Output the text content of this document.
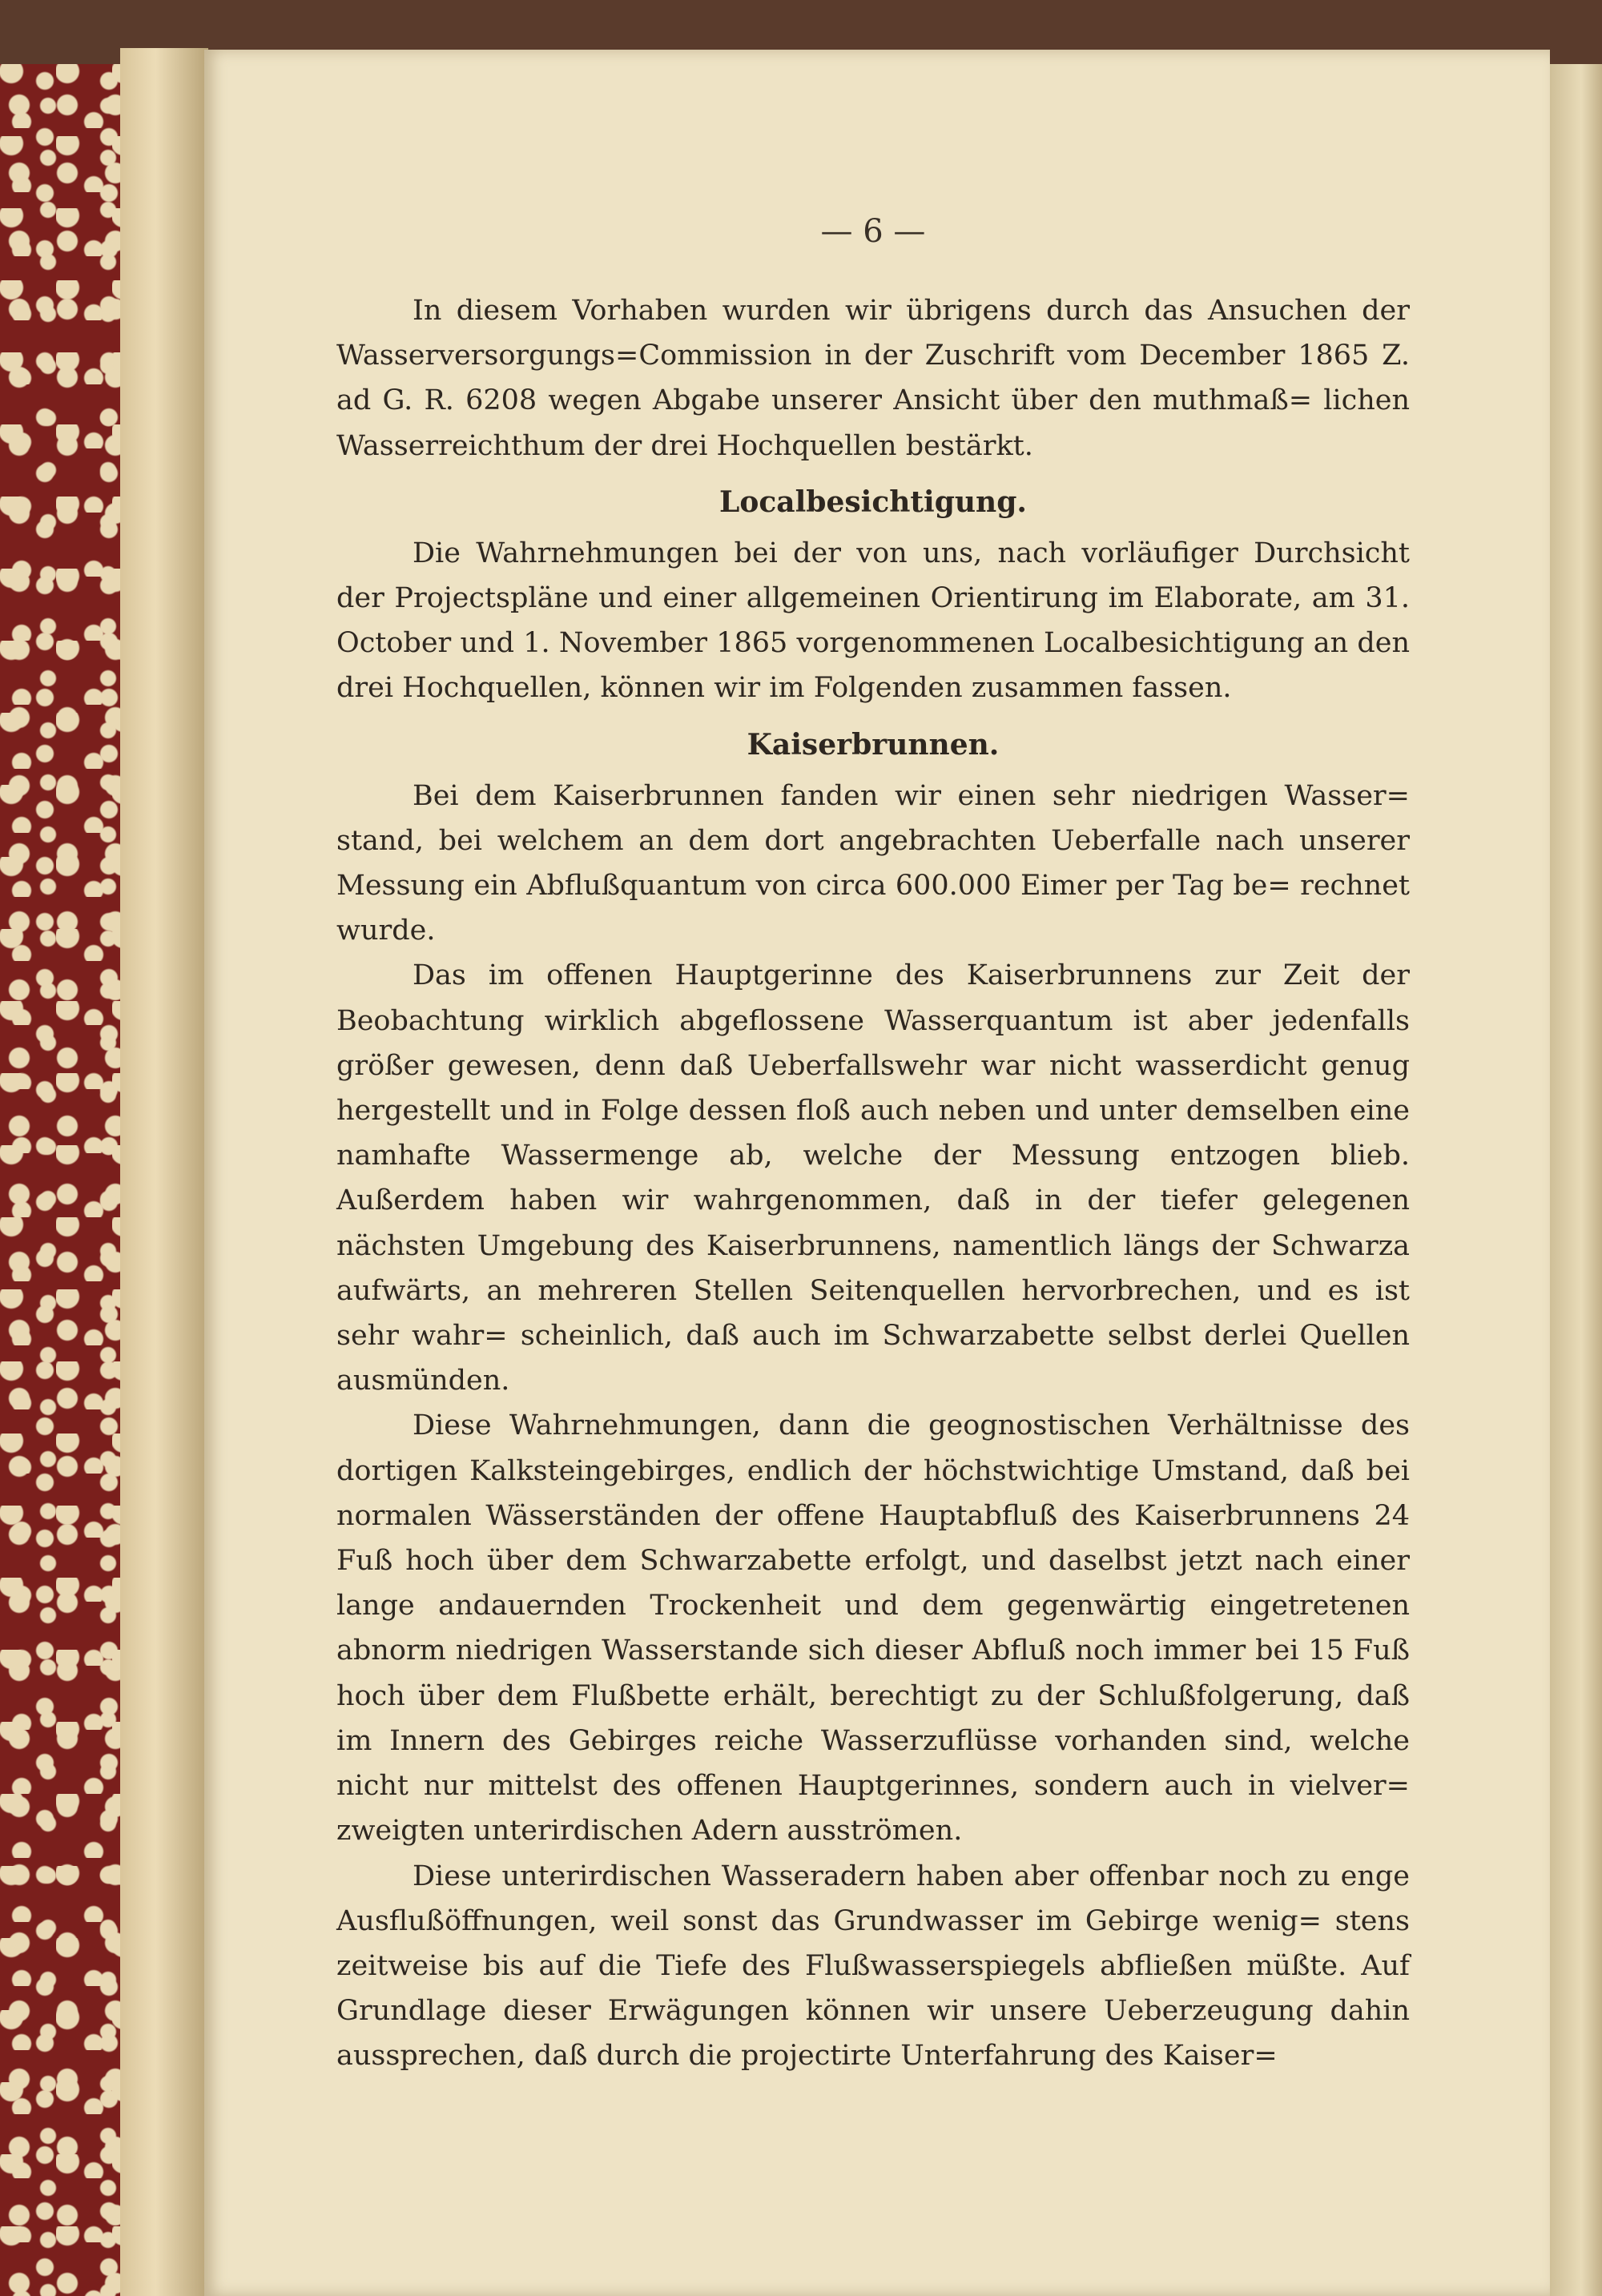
— 6 —

In diesem Vorhaben wurden wir übrigens durch das Ansuchen der Wasserversorgungs=Commission in der Zuschrift vom December 1865 Z. ad G. R. 6208 wegen Abgabe unserer Ansicht über den muthmaß= lichen Wasserreichthum der drei Hochquellen bestärkt.

Localbesichtigung.

Die Wahrnehmungen bei der von uns, nach vorläufiger Durchsicht der Projectspläne und einer allgemeinen Orientirung im Elaborate, am 31. October und 1. November 1865 vorgenommenen Localbesichtigung an den drei Hochquellen, können wir im Folgenden zusammen fassen.

Kaiserbrunnen.

Bei dem Kaiserbrunnen fanden wir einen sehr niedrigen Wasser= stand, bei welchem an dem dort angebrachten Ueberfalle nach unserer Messung ein Abflußquantum von circa 600.000 Eimer per Tag be= rechnet wurde.

Das im offenen Hauptgerinne des Kaiserbrunnens zur Zeit der Beobachtung wirklich abgeflossene Wasserquantum ist aber jedenfalls größer gewesen, denn daß Ueberfallswehr war nicht wasserdicht genug hergestellt und in Folge dessen floß auch neben und unter demselben eine namhafte Wassermenge ab, welche der Messung entzogen blieb. Außerdem haben wir wahrgenommen, daß in der tiefer gelegenen nächsten Umgebung des Kaiserbrunnens, namentlich längs der Schwarza aufwärts, an mehreren Stellen Seitenquellen hervorbrechen, und es ist sehr wahr= scheinlich, daß auch im Schwarzabette selbst derlei Quellen ausmünden.

Diese Wahrnehmungen, dann die geognostischen Verhältnisse des dortigen Kalksteingebirges, endlich der höchstwichtige Umstand, daß bei normalen Wässerständen der offene Hauptabfluß des Kaiserbrunnens 24 Fuß hoch über dem Schwarzabette erfolgt, und daselbst jetzt nach einer lange andauernden Trockenheit und dem gegenwärtig eingetretenen abnorm niedrigen Wasserstande sich dieser Abfluß noch immer bei 15 Fuß hoch über dem Flußbette erhält, berechtigt zu der Schlußfolgerung, daß im Innern des Gebirges reiche Wasserzuflüsse vorhanden sind, welche nicht nur mittelst des offenen Hauptgerinnes, sondern auch in vielver= zweigten unterirdischen Adern ausströmen.

Diese unterirdischen Wasseradern haben aber offenbar noch zu enge Ausflußöffnungen, weil sonst das Grundwasser im Gebirge wenig= stens zeitweise bis auf die Tiefe des Flußwasserspiegels abfließen müßte. Auf Grundlage dieser Erwägungen können wir unsere Ueberzeugung dahin aussprechen, daß durch die projectirte Unterfahrung des Kaiser=
